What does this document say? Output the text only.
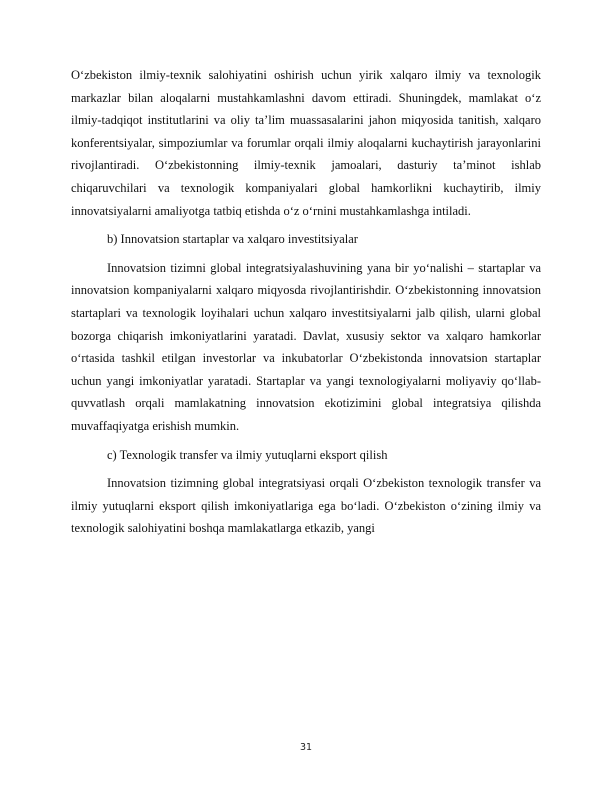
O‘zbekiston ilmiy-texnik salohiyatini oshirish uchun yirik xalqaro ilmiy va texnologik markazlar bilan aloqalarni mustahkamlashni davom ettiradi. Shuningdek, mamlakat o‘z ilmiy-tadqiqot institutlarini va oliy ta’lim muassasalarini jahon miqyosida tanitish, xalqaro konferentsiyalar, simpoziumlar va forumlar orqali ilmiy aloqalarni kuchaytirish jarayonlarini rivojlantiradi. O‘zbekistonning ilmiy-texnik jamoalari, dasturiy ta’minot ishlab chiqaruvchilari va texnologik kompaniyalari global hamkorlikni kuchaytirib, ilmiy innovatsiyalarni amaliyotga tatbiq etishda o‘z o‘rnini mustahkamlashga intiladi.

b) Innovatsion startaplar va xalqaro investitsiyalar

Innovatsion tizimni global integratsiyalashuvining yana bir yo‘nalishi – startaplar va innovatsion kompaniyalarni xalqaro miqyosda rivojlantirishdir. O‘zbekistonning innovatsion startaplari va texnologik loyihalari uchun xalqaro investitsiyalarni jalb qilish, ularni global bozorga chiqarish imkoniyatlarini yaratadi. Davlat, xususiy sektor va xalqaro hamkorlar o‘rtasida tashkil etilgan investorlar va inkubatorlar O‘zbekistonda innovatsion startaplar uchun yangi imkoniyatlar yaratadi. Startaplar va yangi texnologiyalarni moliyaviy qo‘llab-quvvatlash orqali mamlakatning innovatsion ekotizimini global integratsiya qilishda muvaffaqiyatga erishish mumkin.

c) Texnologik transfer va ilmiy yutuqlarni eksport qilish

Innovatsion tizimning global integratsiyasi orqali O‘zbekiston texnologik transfer va ilmiy yutuqlarni eksport qilish imkoniyatlariga ega bo‘ladi. O‘zbekiston o‘zining ilmiy va texnologik salohiyatini boshqa mamlakatlarga etkazib, yangi

31
